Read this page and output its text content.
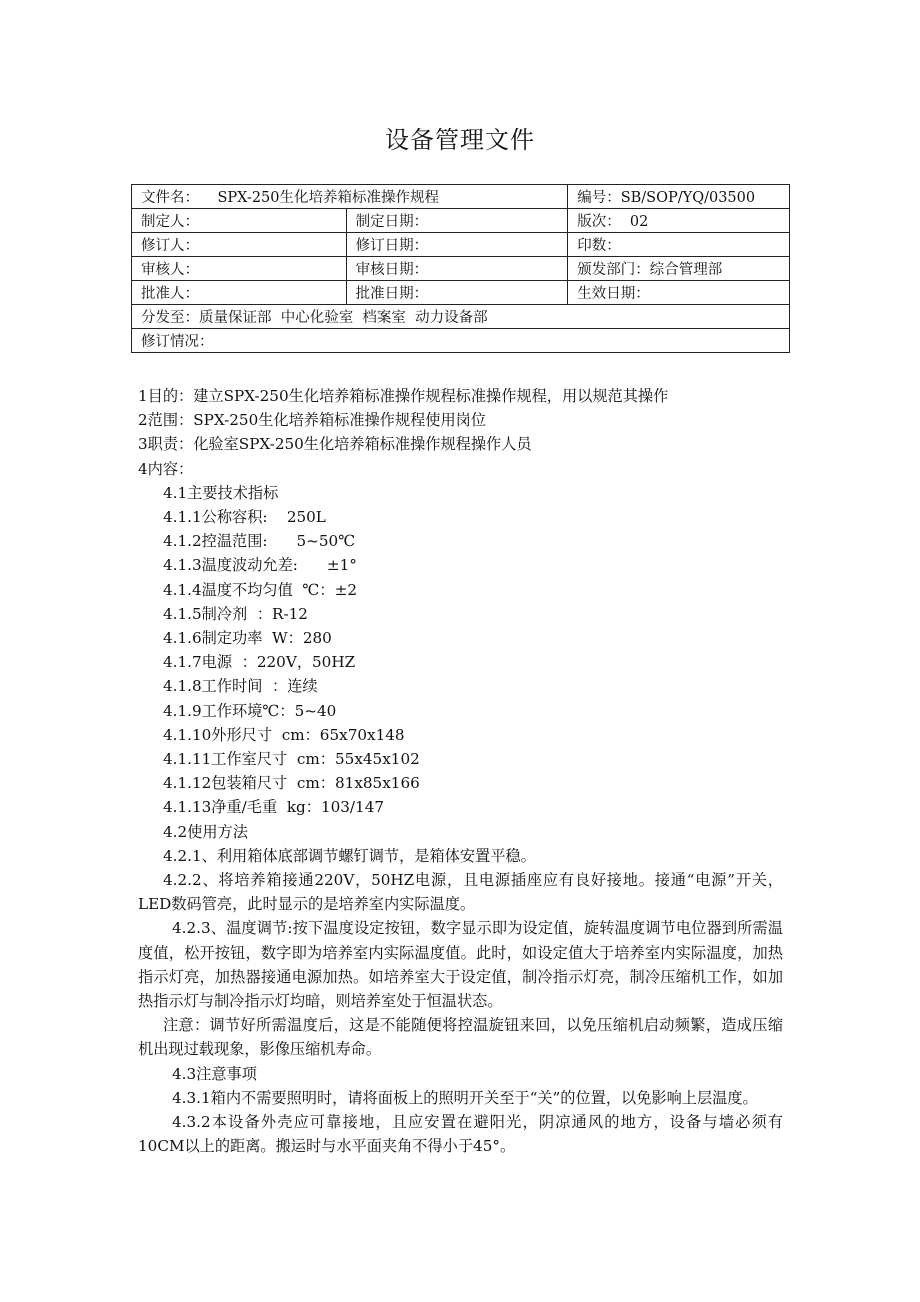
www.zixin.com.cn
设备管理文件
文件名： SPX-250生化培养箱标准操作规程		编号：SB/SOP/YQ/03500
制定人：	制定日期：	版次：  02
修订人：	修订日期：	印数：
审核人：	审核日期：	颁发部门：综合管理部
批准人：	批准日期：	生效日期：
分发至：质量保证部  中心化验室  档案室  动力设备部		
修订情况：		

1目的：建立SPX-250生化培养箱标准操作规程标准操作规程，用以规范其操作

2范围：SPX-250生化培养箱标准操作规程使用岗位

3职责：化验室SPX-250生化培养箱标准操作规程操作人员

4内容：

4.1主要技术指标

4.1.1公称容积:    250L

4.1.2控温范围:      5~50℃

4.1.3温度波动允差:      ±1°

4.1.4温度不均匀值  ℃：±2

4.1.5制冷剂  ：R-12

4.1.6制定功率  W：280

4.1.7电源  ：220V，50HZ

4.1.8工作时间  ：连续

4.1.9工作环境℃：5~40

4.1.10外形尺寸  cm：65x70x148

4.1.11工作室尺寸  cm：55x45x102

4.1.12包装箱尺寸  cm：81x85x166

4.1.13净重/毛重  kg：103/147

4.2使用方法

4.2.1、利用箱体底部调节螺钉调节，是箱体安置平稳。

4.2.2、将培养箱接通220V，50HZ电源，且电源插座应有良好接地。接通“电源”开关，LED数码管亮，此时显示的是培养室内实际温度。

4.2.3、温度调节:按下温度设定按钮，数字显示即为设定值，旋转温度调节电位器到所需温度值，松开按钮，数字即为培养室内实际温度值。此时，如设定值大于培养室内实际温度，加热指示灯亮，加热器接通电源加热。如培养室大于设定值，制冷指示灯亮，制冷压缩机工作，如加热指示灯与制冷指示灯均暗，则培养室处于恒温状态。

注意：调节好所需温度后，这是不能随便将控温旋钮来回，以免压缩机启动频繁，造成压缩机出现过载现象，影像压缩机寿命。

4.3注意事项

4.3.1箱内不需要照明时，请将面板上的照明开关至于“关”的位置，以免影响上层温度。

4.3.2本设备外壳应可靠接地，且应安置在避阳光，阴凉通风的地方，设备与墙必须有10CM以上的距离。搬运时与水平面夹角不得小于45°。
